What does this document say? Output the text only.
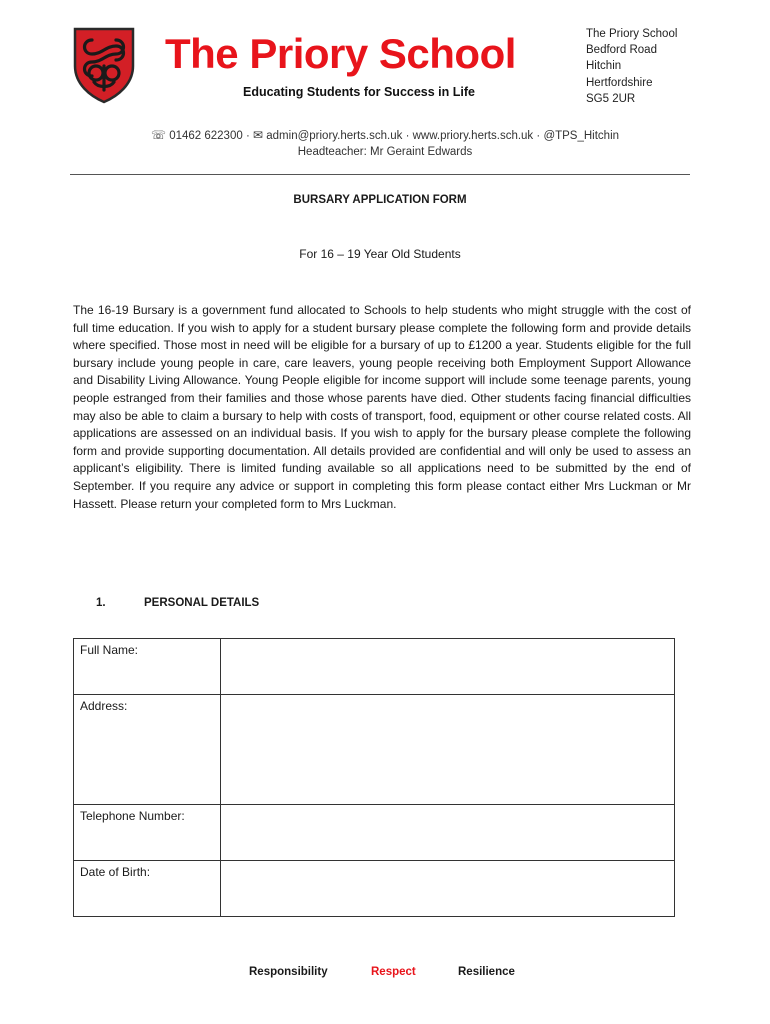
The Priory School
Educating Students for Success in Life
The Priory School
Bedford Road
Hitchin
Hertfordshire
SG5 2UR
☏ 01462 622300 · ✉ admin@priory.herts.sch.uk · www.priory.herts.sch.uk · @TPS_Hitchin
Headteacher: Mr Geraint Edwards
BURSARY APPLICATION FORM
For 16 – 19 Year Old Students

The 16-19 Bursary is a government fund allocated to Schools to help students who might struggle with the cost of full time education. If you wish to apply for a student bursary please complete the following form and provide details where specified. Those most in need will be eligible for a bursary of up to £1200 a year. Students eligible for the full bursary include young people in care, care leavers, young people receiving both Employment Support Allowance and Disability Living Allowance. Young People eligible for income support will include some teenage parents, young people estranged from their families and those whose parents have died. Other students facing financial difficulties may also be able to claim a bursary to help with costs of transport, food, equipment or other course related costs. All applications are assessed on an individual basis. If you wish to apply for the bursary please complete the following form and provide supporting documentation. All details provided are confidential and will only be used to assess an applicant’s eligibility. There is limited funding available so all applications need to be submitted by the end of September. If you require any advice or support in completing this form please contact either Mrs Luckman or Mr Hassett. Please return your completed form to Mrs Luckman.

1.	PERSONAL DETAILS
Full Name:	
Address:	
Telephone Number:	
Date of Birth:	
Responsibility	Respect	Resilience
